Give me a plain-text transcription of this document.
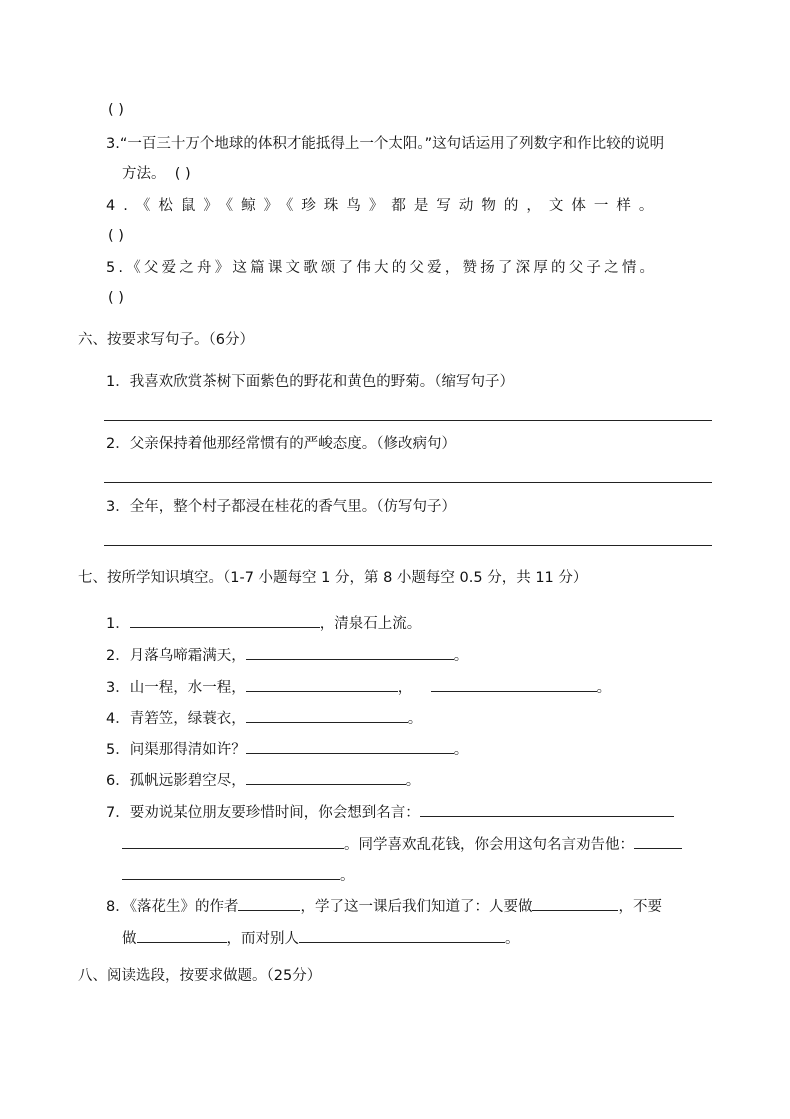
( )
3.“一百三十万个地球的体积才能抵得上一个太阳。”这句话运用了列数字和作比较的说明
方法。 ( )
4.《松鼠》《鲸》《珍珠鸟》都是写动物的，文体一样。
( )
5.《父爱之舟》这篇课文歌颂了伟大的父爱，赞扬了深厚的父子之情。
( )
六、按要求写句子。（6分）
1．我喜欢欣赏茶树下面紫色的野花和黄色的野菊。（缩写句子）
2．父亲保持着他那经常惯有的严峻态度。（修改病句）
3．全年，整个村子都浸在桂花的香气里。（仿写句子）
七、按所学知识填空。（1-7 小题每空 1 分，第 8 小题每空 0.5 分，共 11 分）
1．	，清泉石上流。
2．月落乌啼霜满天，	。
3．山一程，水一程，	，	。
4．青箬笠，绿蓑衣，	。
5．问渠那得清如许？	。
6．孤帆远影碧空尽，	。
7．要劝说某位朋友要珍惜时间，你会想到名言：
。同学喜欢乱花钱，你会用这句名言劝告他：
。
8．《落花生》的作者	，学了这一课后我们知道了：人要做	，不要
做	，而对别人	。
八、阅读选段，按要求做题。（25分）
